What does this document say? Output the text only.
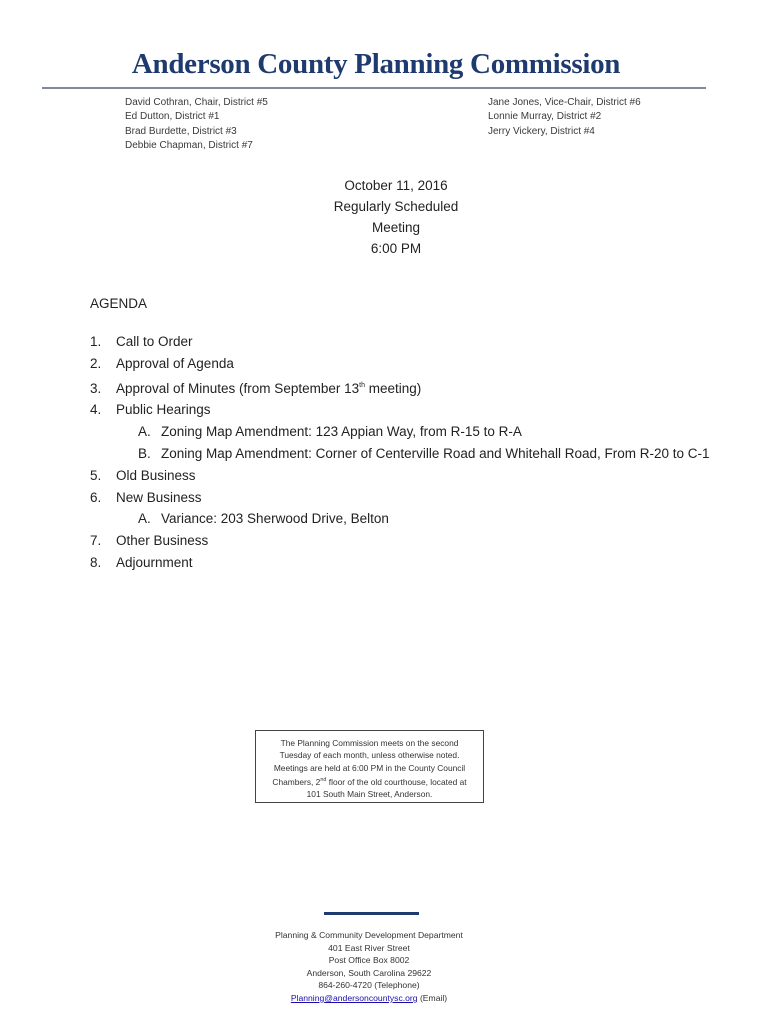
Anderson County Planning Commission
David Cothran, Chair, District #5
Ed Dutton, District #1
Brad Burdette, District #3
Debbie Chapman, District #7
Jane Jones, Vice-Chair, District #6
Lonnie Murray, District #2
Jerry Vickery, District #4
October 11, 2016
Regularly Scheduled
Meeting
6:00 PM
AGENDA
1. Call to Order
2. Approval of Agenda
3. Approval of Minutes (from September 13th meeting)
4. Public Hearings
A. Zoning Map Amendment: 123 Appian Way, from R-15 to R-A
B. Zoning Map Amendment: Corner of Centerville Road and Whitehall Road, From R-20 to C-1
5. Old Business
6. New Business
A. Variance: 203 Sherwood Drive, Belton
7. Other Business
8. Adjournment
The Planning Commission meets on the second
Tuesday of each month, unless otherwise noted.
Meetings are held at 6:00 PM in the County Council
Chambers, 2nd floor of the old courthouse, located at
101 South Main Street, Anderson.
Planning & Community Development Department
401 East River Street
Post Office Box 8002
Anderson, South Carolina 29622
864-260-4720 (Telephone)
Planning@andersoncountysc.org (Email)
